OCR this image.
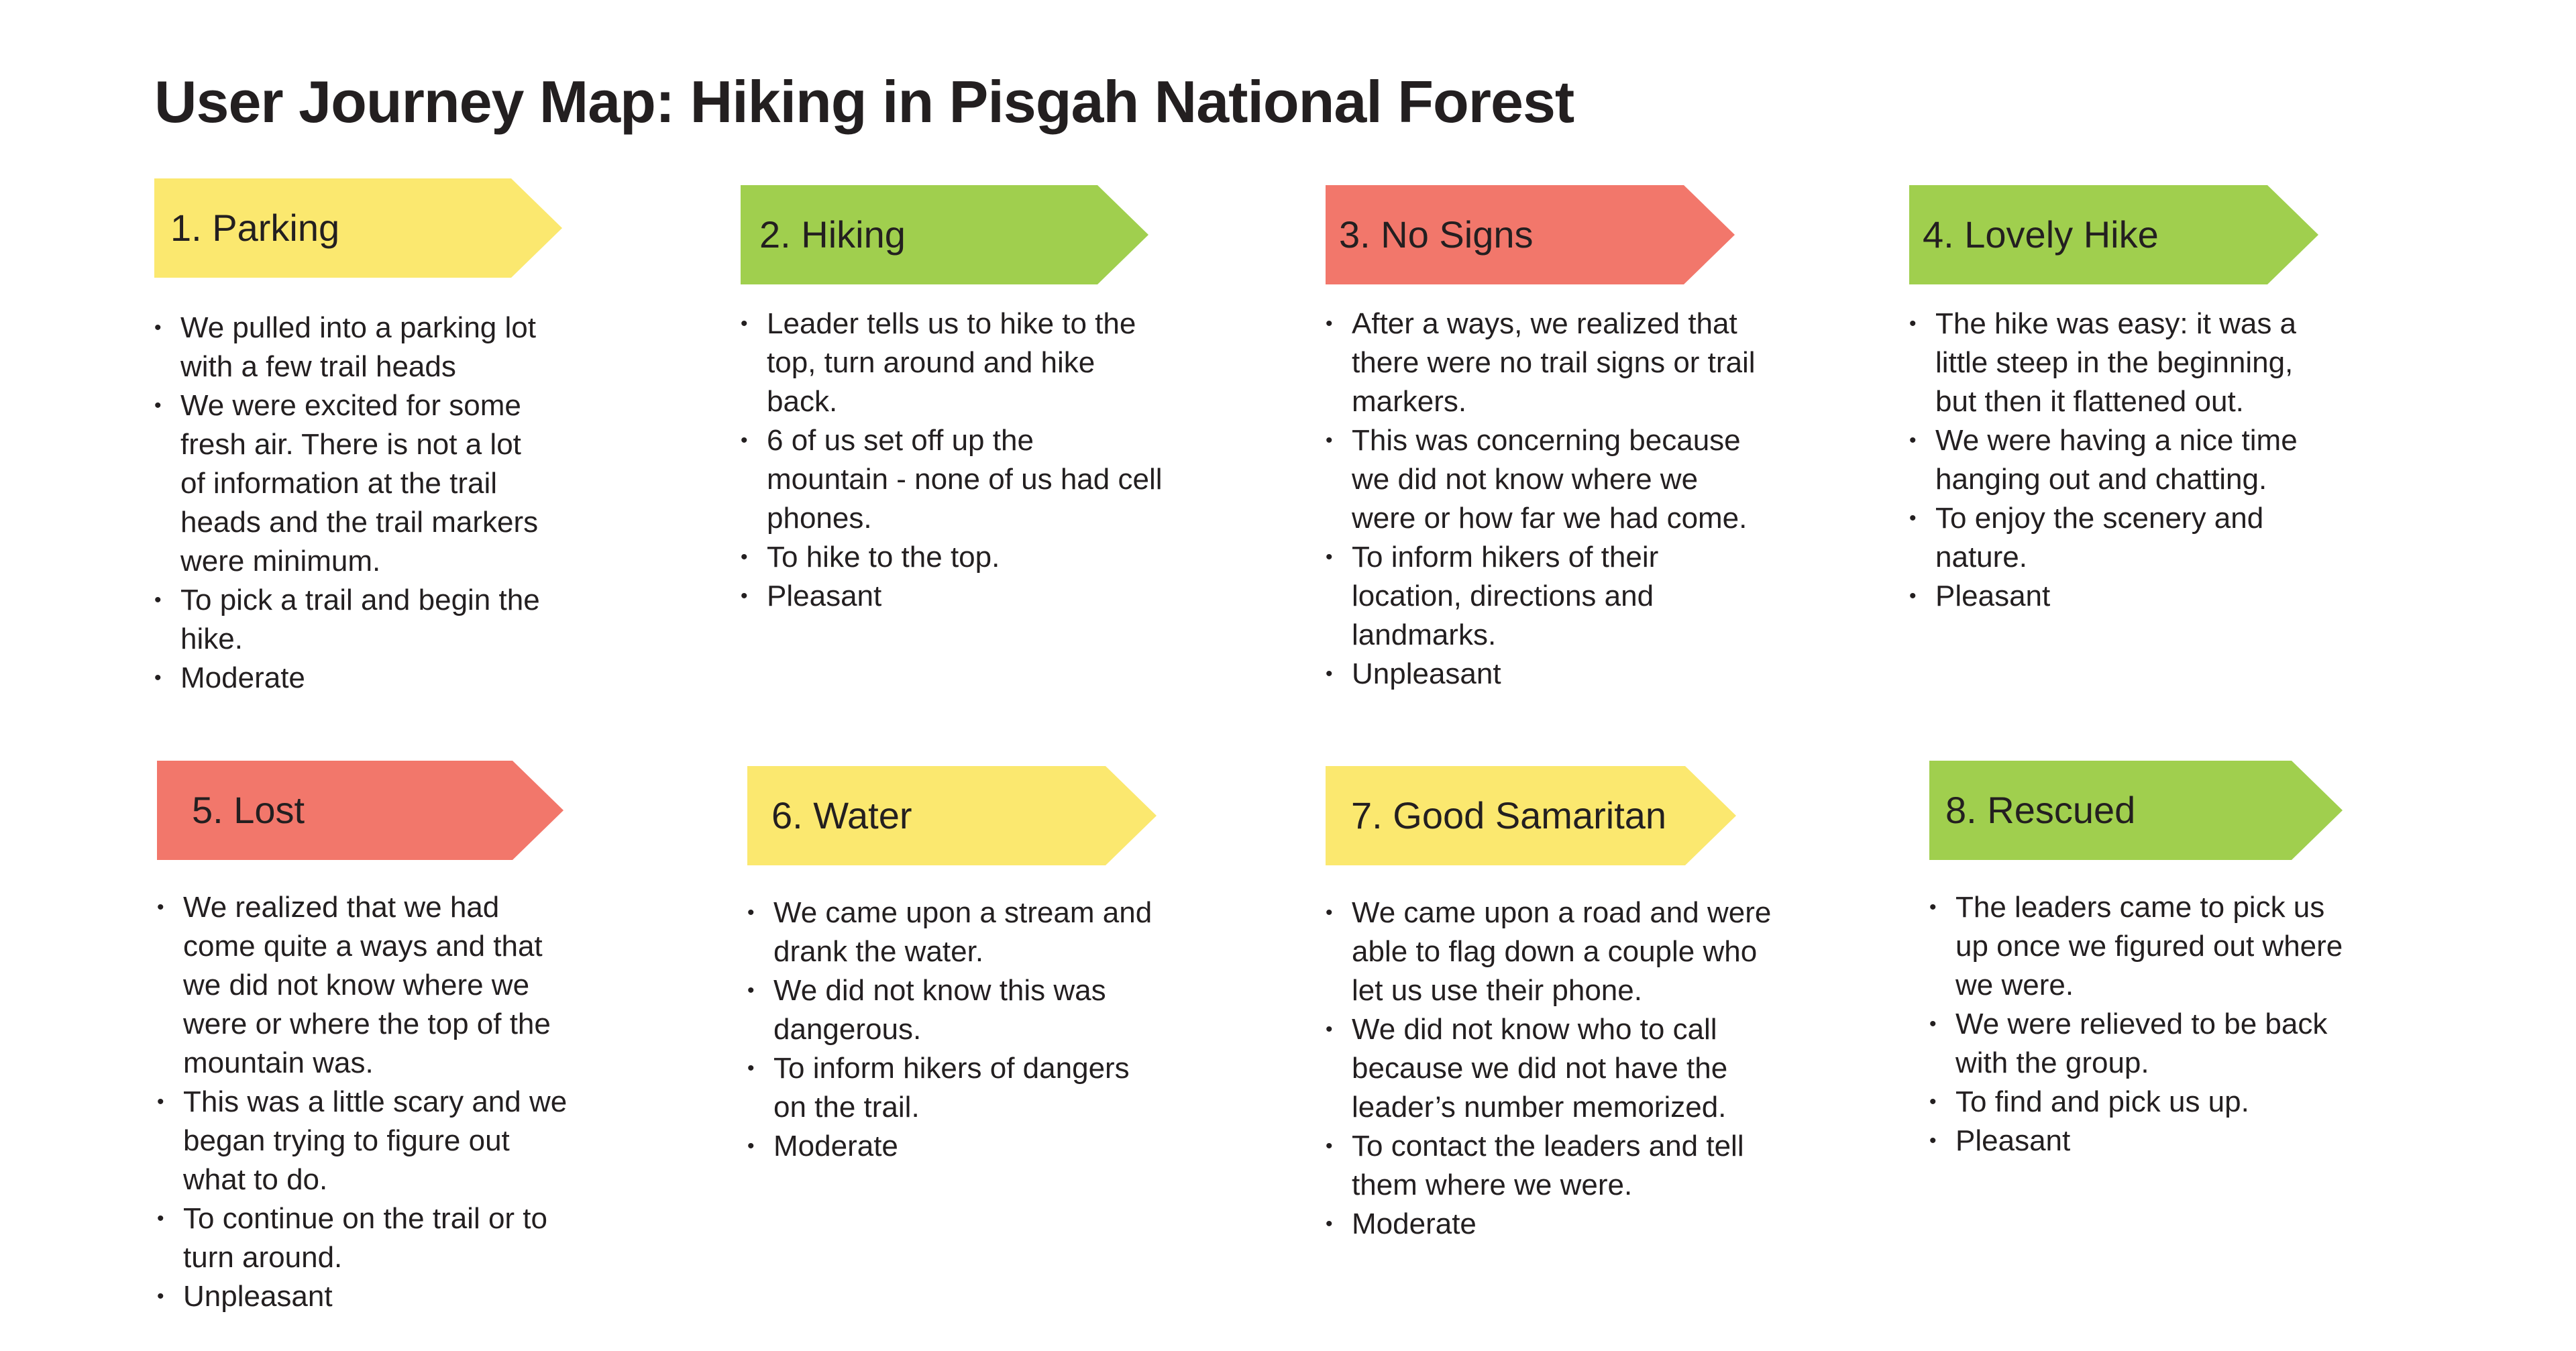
User Journey Map: Hiking in Pisgah National Forest
1. Parking
• We pulled into a parking lot with a few trail heads
• We were excited for some fresh air. There is not a lot of information at the trail heads and the trail markers were minimum.
• To pick a trail and begin the hike.
• Moderate
2. Hiking
• Leader tells us to hike to the top, turn around and hike back.
• 6 of us set off up the mountain - none of us had cell phones.
• To hike to the top.
• Pleasant
3. No Signs
• After a ways, we realized that there were no trail signs or trail markers.
• This was concerning because we did not know where we were or how far we had come.
• To inform hikers of their location, directions and landmarks.
• Unpleasant
4. Lovely Hike
• The hike was easy: it was a little steep in the beginning, but then it flattened out.
• We were having a nice time hanging out and chatting.
• To enjoy the scenery and nature.
• Pleasant
5. Lost
• We realized that we had come quite a ways and that we did not know where we were or where the top of the mountain was.
• This was a little scary and we began trying to figure out what to do.
• To continue on the trail or to turn around.
• Unpleasant
6. Water
• We came upon a stream and drank the water.
• We did not know this was dangerous.
• To inform hikers of dangers on the trail.
• Moderate
7. Good Samaritan
• We came upon a road and were able to flag down a couple who let us use their phone.
• We did not know who to call because we did not have the leader’s number memorized.
• To contact the leaders and tell them where we were.
• Moderate
8. Rescued
• The leaders came to pick us up once we figured out where we were.
• We were relieved to be back with the group.
• To find and pick us up.
• Pleasant
